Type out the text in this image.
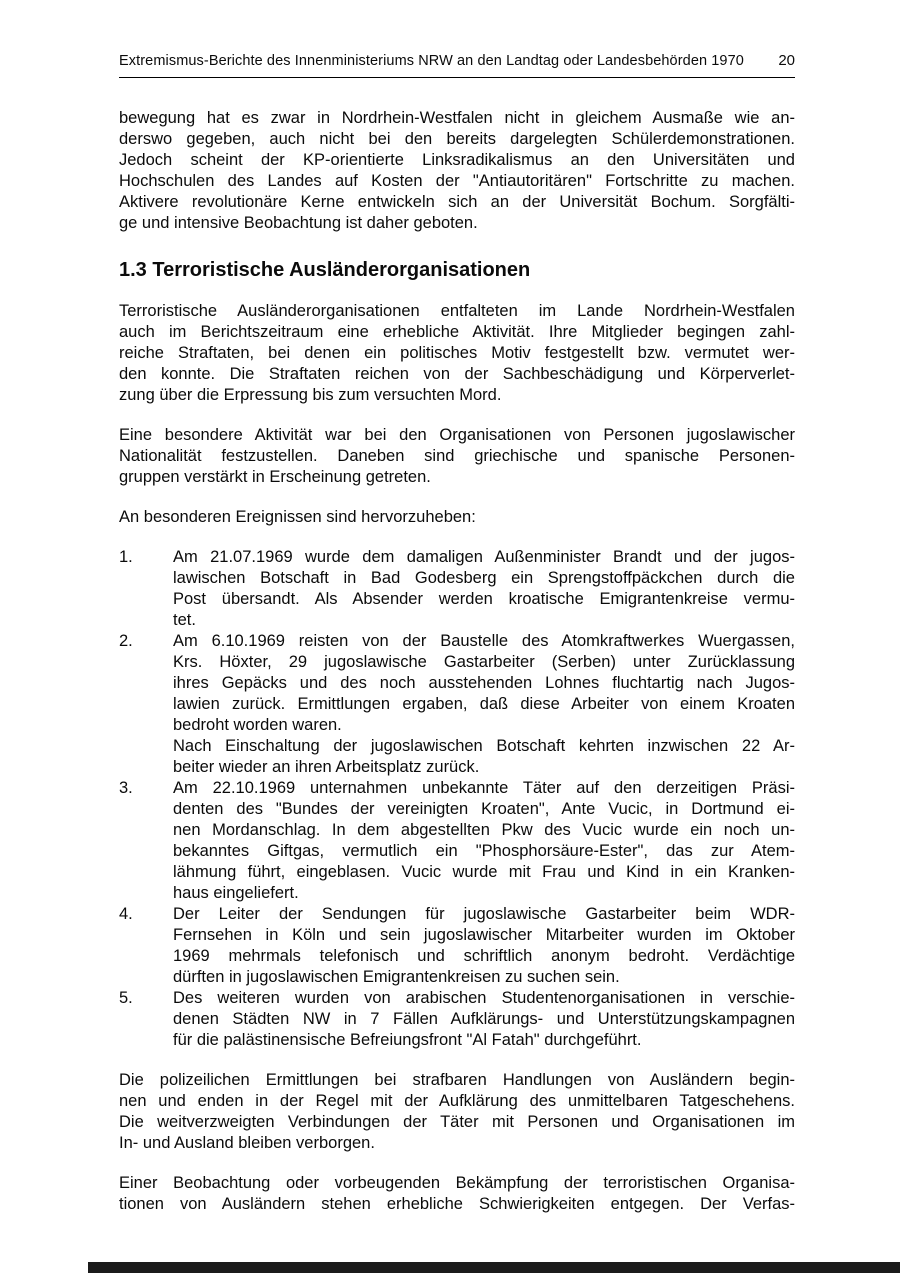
Extremismus-Berichte des Innenministeriums NRW an den Landtag oder Landesbehörden 1970 20
bewegung hat es zwar in Nordrhein-Westfalen nicht in gleichem Ausmaße wie an-
derswo gegeben, auch nicht bei den bereits dargelegten Schülerdemonstrationen.
Jedoch scheint der KP-orientierte Linksradikalismus an den Universitäten und
Hochschulen des Landes auf Kosten der "Antiautoritären" Fortschritte zu machen.
Aktivere revolutionäre Kerne entwickeln sich an der Universität Bochum. Sorgfälti-
ge und intensive Beobachtung ist daher geboten.
1.3 Terroristische Ausländerorganisationen
Terroristische Ausländerorganisationen entfalteten im Lande Nordrhein-Westfalen
auch im Berichtszeitraum eine erhebliche Aktivität. Ihre Mitglieder begingen zahl-
reiche Straftaten, bei denen ein politisches Motiv festgestellt bzw. vermutet wer-
den konnte. Die Straftaten reichen von der Sachbeschädigung und Körperverlet-
zung über die Erpressung bis zum versuchten Mord.
Eine besondere Aktivität war bei den Organisationen von Personen jugoslawischer
Nationalität festzustellen. Daneben sind griechische und spanische Personen-
gruppen verstärkt in Erscheinung getreten.
An besonderen Ereignissen sind hervorzuheben:
1.	Am 21.07.1969 wurde dem damaligen Außenminister Brandt und der jugos-
lawischen Botschaft in Bad Godesberg ein Sprengstoffpäckchen durch die
Post übersandt. Als Absender werden kroatische Emigrantenkreise vermu-
tet.
2.	Am 6.10.1969 reisten von der Baustelle des Atomkraftwerkes Wuergassen,
Krs. Höxter, 29 jugoslawische Gastarbeiter (Serben) unter Zurücklassung
ihres Gepäcks und des noch ausstehenden Lohnes fluchtartig nach Jugos-
lawien zurück. Ermittlungen ergaben, daß diese Arbeiter von einem Kroaten
bedroht worden waren.
Nach Einschaltung der jugoslawischen Botschaft kehrten inzwischen 22 Ar-
beiter wieder an ihren Arbeitsplatz zurück.
3.	Am 22.10.1969 unternahmen unbekannte Täter auf den derzeitigen Präsi-
denten des "Bundes der vereinigten Kroaten", Ante Vucic, in Dortmund ei-
nen Mordanschlag. In dem abgestellten Pkw des Vucic wurde ein noch un-
bekanntes Giftgas, vermutlich ein "Phosphorsäure-Ester", das zur Atem-
lähmung führt, eingeblasen. Vucic wurde mit Frau und Kind in ein Kranken-
haus eingeliefert.
4.	Der Leiter der Sendungen für jugoslawische Gastarbeiter beim WDR-
Fernsehen in Köln und sein jugoslawischer Mitarbeiter wurden im Oktober
1969 mehrmals telefonisch und schriftlich anonym bedroht. Verdächtige
dürften in jugoslawischen Emigrantenkreisen zu suchen sein.
5.	Des weiteren wurden von arabischen Studentenorganisationen in verschie-
denen Städten NW in 7 Fällen Aufklärungs- und Unterstützungskampagnen
für die palästinensische Befreiungsfront "Al Fatah" durchgeführt.
Die polizeilichen Ermittlungen bei strafbaren Handlungen von Ausländern begin-
nen und enden in der Regel mit der Aufklärung des unmittelbaren Tatgeschehens.
Die weitverzweigten Verbindungen der Täter mit Personen und Organisationen im
In- und Ausland bleiben verborgen.
Einer Beobachtung oder vorbeugenden Bekämpfung der terroristischen Organisa-
tionen von Ausländern stehen erhebliche Schwierigkeiten entgegen. Der Verfas-
